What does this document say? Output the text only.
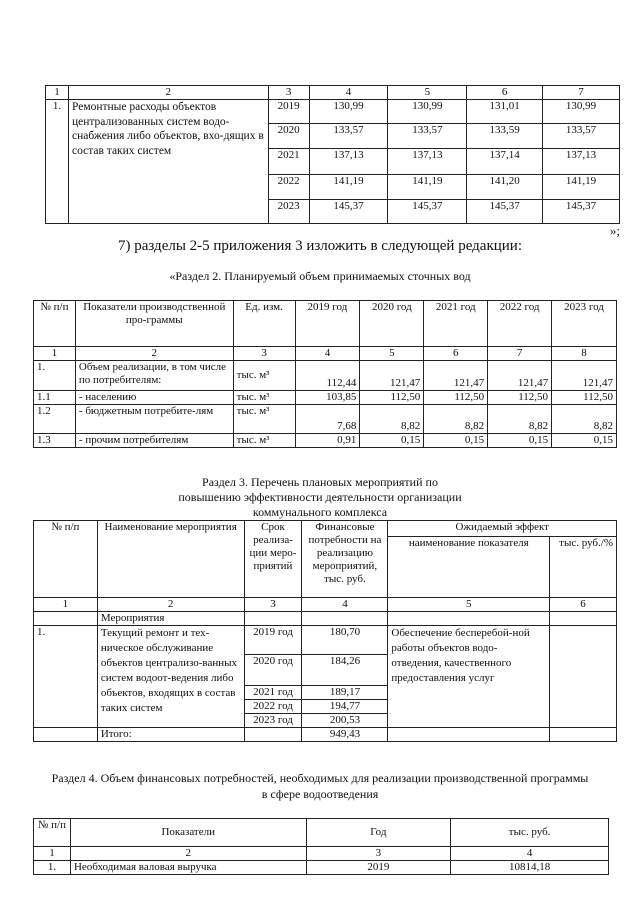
1	2	3	4	5	6	7
1.	Ремонтные расходы объектов централизованных систем водо-снабжения либо объектов, вхо-дящих в состав таких систем	2019	130,99	130,99	131,01	130,99
		2020	133,57	133,57	133,59	133,57
		2021	137,13	137,13	137,14	137,13
		2022	141,19	141,19	141,20	141,19
		2023	145,37	145,37	145,37	145,37
»;
7) разделы 2-5 приложения 3 изложить в следующей редакции:
«Раздел 2. Планируемый объем принимаемых сточных вод
№ п/п	Показатели производственной про-граммы	Ед. изм.	2019 год	2020 год	2021 год	2022 год	2023 год
1	2	3	4	5	6	7	8
1.	Объем реализации, в том числе по потребителям:	тыс. м³	112,44	121,47	121,47	121,47	121,47
1.1	- населению	тыс. м³	103,85	112,50	112,50	112,50	112,50
1.2	- бюджетным потребите-лям	тыс. м³	7,68	8,82	8,82	8,82	8,82
1.3	- прочим потребителям	тыс. м³	0,91	0,15	0,15	0,15	0,15
Раздел 3. Перечень плановых мероприятий по повышению эффективности деятельности организации коммунального комплекса
№ п/п	Наименование мероприятия	Срок реализа-ции меро-приятий	Финансовые потребности на реализацию мероприятий, тыс. руб.	Ожидаемый эффект	
				наименование показателя	тыс. руб./%
1	2	3	4	5	6
	Мероприятия				
1.	Текущий ремонт и тех-ническое обслуживание объектов централизо-ванных систем водоот-ведения либо объектов, входящих в состав таких систем	2019 год	180,70	Обеспечение бесперебой-ной работы объектов водо-отведения, качественного предоставления услуг	
		2020 год	184,26		
		2021 год	189,17		
		2022 год	194,77		
		2023 год	200,53		
	Итого:		949,43		
Раздел 4. Объем финансовых потребностей, необходимых для реализации производственной программы в сфере водоотведения
№ п/п	Показатели	Год	тыс. руб.
1	2	3	4
1.	Необходимая валовая выручка	2019	10814,18
